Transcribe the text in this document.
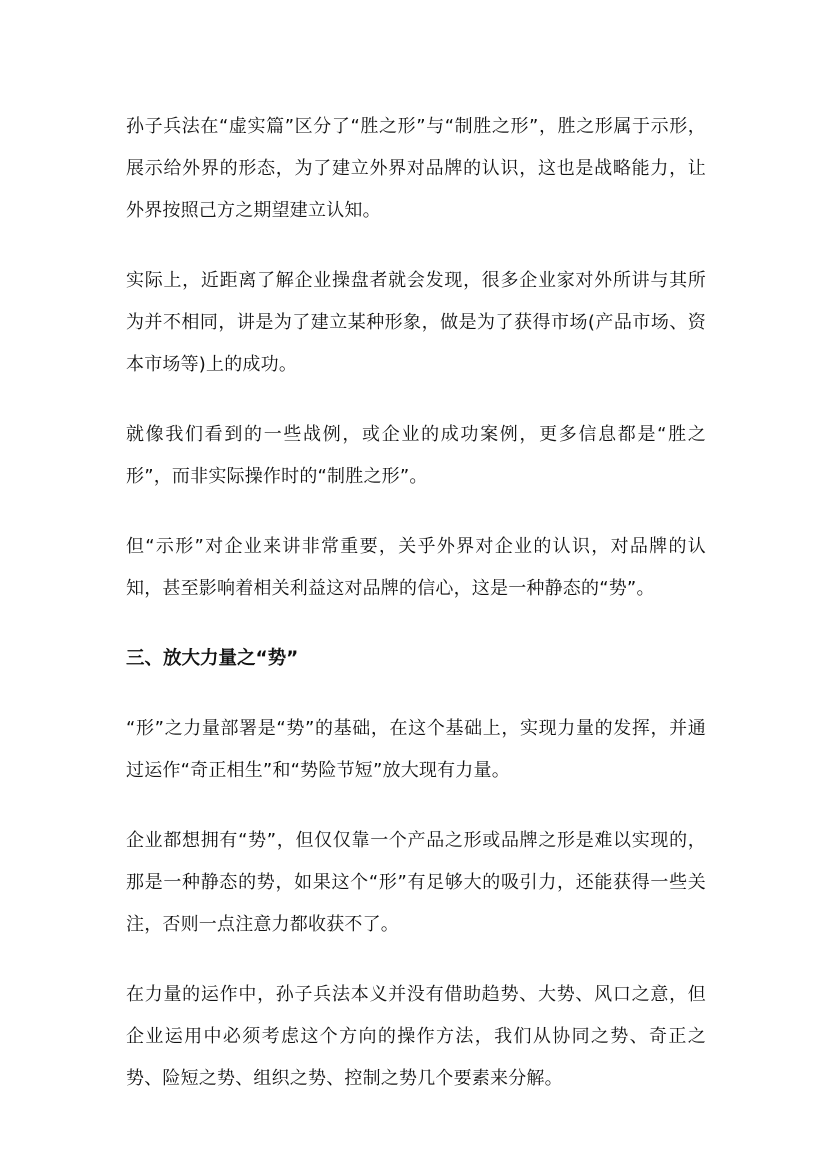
孙子兵法在“虚实篇”区分了“胜之形”与“制胜之形”，胜之形属于示形，展示给外界的形态，为了建立外界对品牌的认识，这也是战略能力，让外界按照己方之期望建立认知。

实际上，近距离了解企业操盘者就会发现，很多企业家对外所讲与其所为并不相同，讲是为了建立某种形象，做是为了获得市场(产品市场、资本市场等)上的成功。

就像我们看到的一些战例，或企业的成功案例，更多信息都是“胜之形”，而非实际操作时的“制胜之形”。

但“示形”对企业来讲非常重要，关乎外界对企业的认识，对品牌的认知，甚至影响着相关利益这对品牌的信心，这是一种静态的“势”。

三、放大力量之“势”

“形”之力量部署是“势”的基础，在这个基础上，实现力量的发挥，并通过运作“奇正相生”和“势险节短”放大现有力量。

企业都想拥有“势”，但仅仅靠一个产品之形或品牌之形是难以实现的，那是一种静态的势，如果这个“形”有足够大的吸引力，还能获得一些关注，否则一点注意力都收获不了。

在力量的运作中，孙子兵法本义并没有借助趋势、大势、风口之意，但企业运用中必须考虑这个方向的操作方法，我们从协同之势、奇正之势、险短之势、组织之势、控制之势几个要素来分解。
